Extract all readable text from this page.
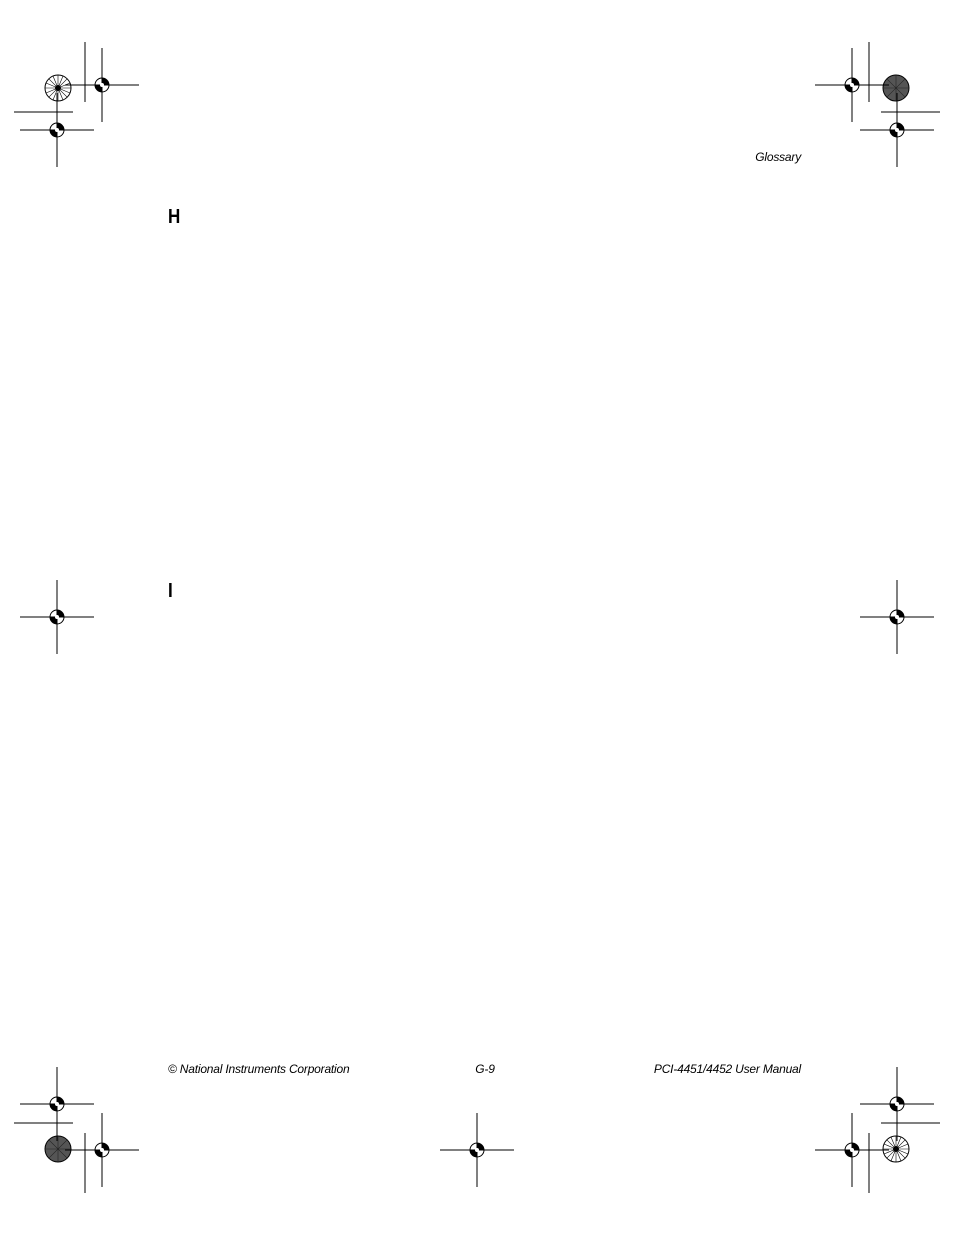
Glossary
H
I
© National Instruments Corporation	G-9	PCI-4451/4452 User Manual
